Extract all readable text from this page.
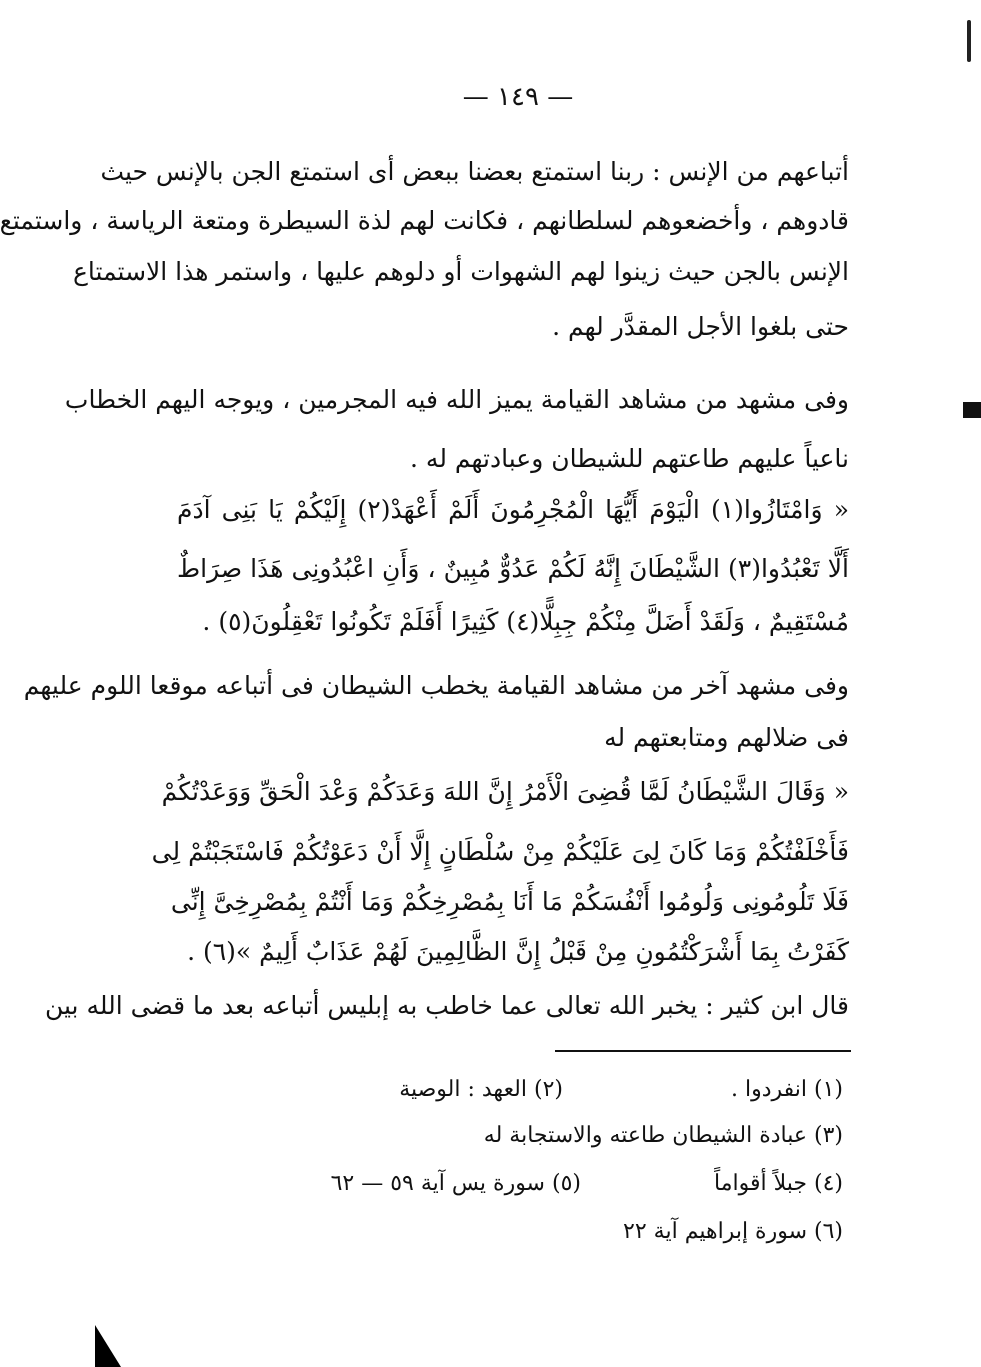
— ١٤٩ —
أتباعهم من الإنس : ربنا استمتع بعضنا ببعض أى استمتع الجن بالإنس حيث
قادوهم ، وأخضعوهم لسلطانهم ، فكانت لهم لذة السيطرة ومتعة الرياسة ، واستمتع
الإنس بالجن حيث زينوا لهم الشهوات أو دلوهم عليها ، واستمر هذا الاستمتاع
حتى بلغوا الأجل المقدَّر لهم .
وفى مشهد من مشاهد القيامة يميز الله فيه المجرمين ، ويوجه اليهم الخطاب
ناعياً عليهم طاعتهم للشيطان وعبادتهم له .
« وَامْتَازُوا(١) الْيَوْمَ أَيُّهَا الْمُجْرِمُونَ أَلَمْ أَعْهَدْ(٢) إِلَيْكُمْ يَا بَنِى آدَمَ
أَلَّا تَعْبُدُوا(٣) الشَّيْطَانَ إِنَّهُ لَكُمْ عَدُوٌّ مُبِينٌ ، وَأَنِ اعْبُدُونِى هَذَا صِرَاطٌ
مُسْتَقِيمٌ ، وَلَقَدْ أَضَلَّ مِنْكُمْ جِبِلًّا(٤) كَثِيرًا أَفَلَمْ تَكُونُوا تَعْقِلُونَ(٥) .
وفى مشهد آخر من مشاهد القيامة يخطب الشيطان فى أتباعه موقعا اللوم عليهم
فى ضلالهم ومتابعتهم له
« وَقَالَ الشَّيْطَانُ لَمَّا قُضِىَ الْأَمْرُ إِنَّ اللهَ وَعَدَكُمْ وَعْدَ الْحَقِّ وَوَعَدْتُكُمْ
فَأَخْلَفْتُكُمْ وَمَا كَانَ لِىَ عَلَيْكُمْ مِنْ سُلْطَانٍ إِلَّا أَنْ دَعَوْتُكُمْ فَاسْتَجَبْتُمْ لِى
فَلَا تَلُومُونِى وَلُومُوا أَنْفُسَكُمْ مَا أَنَا بِمُصْرِخِكُمْ وَمَا أَنْتُمْ بِمُصْرِخِىَّ إِنِّى
كَفَرْتُ بِمَا أَشْرَكْتُمُونِ مِنْ قَبْلُ إِنَّ الظَّالِمِينَ لَهُمْ عَذَابٌ أَلِيمٌ »(٦) .
قال ابن كثير : يخبر الله تعالى عما خاطب به إبليس أتباعه بعد ما قضى الله بين
(١) انفردوا .
(٢) العهد : الوصية
(٣) عبادة الشيطان طاعته والاستجابة له
(٤) جبلاً أقواماً
(٥) سورة يس آية ٥٩ — ٦٢
(٦) سورة إبراهيم آية ٢٢
